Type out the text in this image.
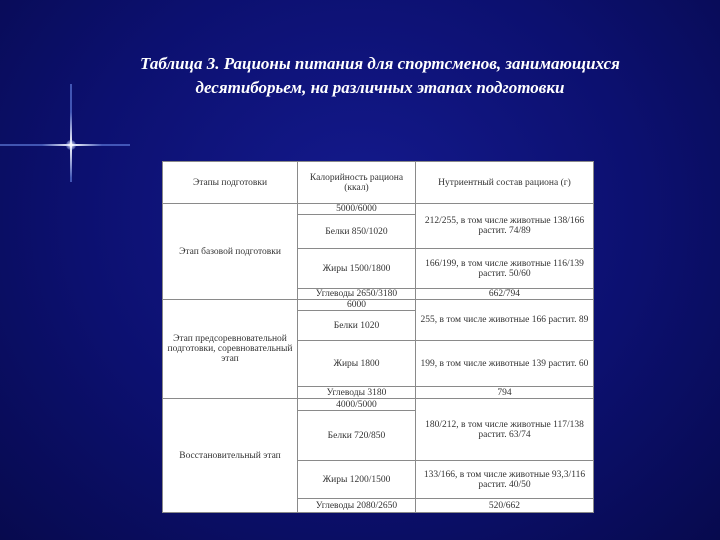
Таблица 3. Рационы питания для спортсменов, занимающихся
десятиборьем, на различных этапах подготовки
Этапы подготовки	Калорийность рациона (ккал)	Нутриентный состав рациона (г)
Этап базовой подготовки	5000/6000	212/255, в том числе животные 138/166 растит. 74/89
	Белки 850/1020	
	Жиры 1500/1800	166/199, в том числе животные 116/139 растит. 50/60
	Углеводы 2650/3180	662/794
Этап предсоревновательной подготовки, соревновательный этап	6000	255, в том числе животные 166 растит. 89
	Белки 1020	
	Жиры 1800	199, в том числе животные 139 растит. 60
	Углеводы 3180	794
Восстановительный этап	4000/5000	180/212, в том числе животные 117/138 растит. 63/74
	Белки 720/850	
	Жиры 1200/1500	133/166, в том числе животные 93,3/116 растит. 40/50
	Углеводы 2080/2650	520/662
